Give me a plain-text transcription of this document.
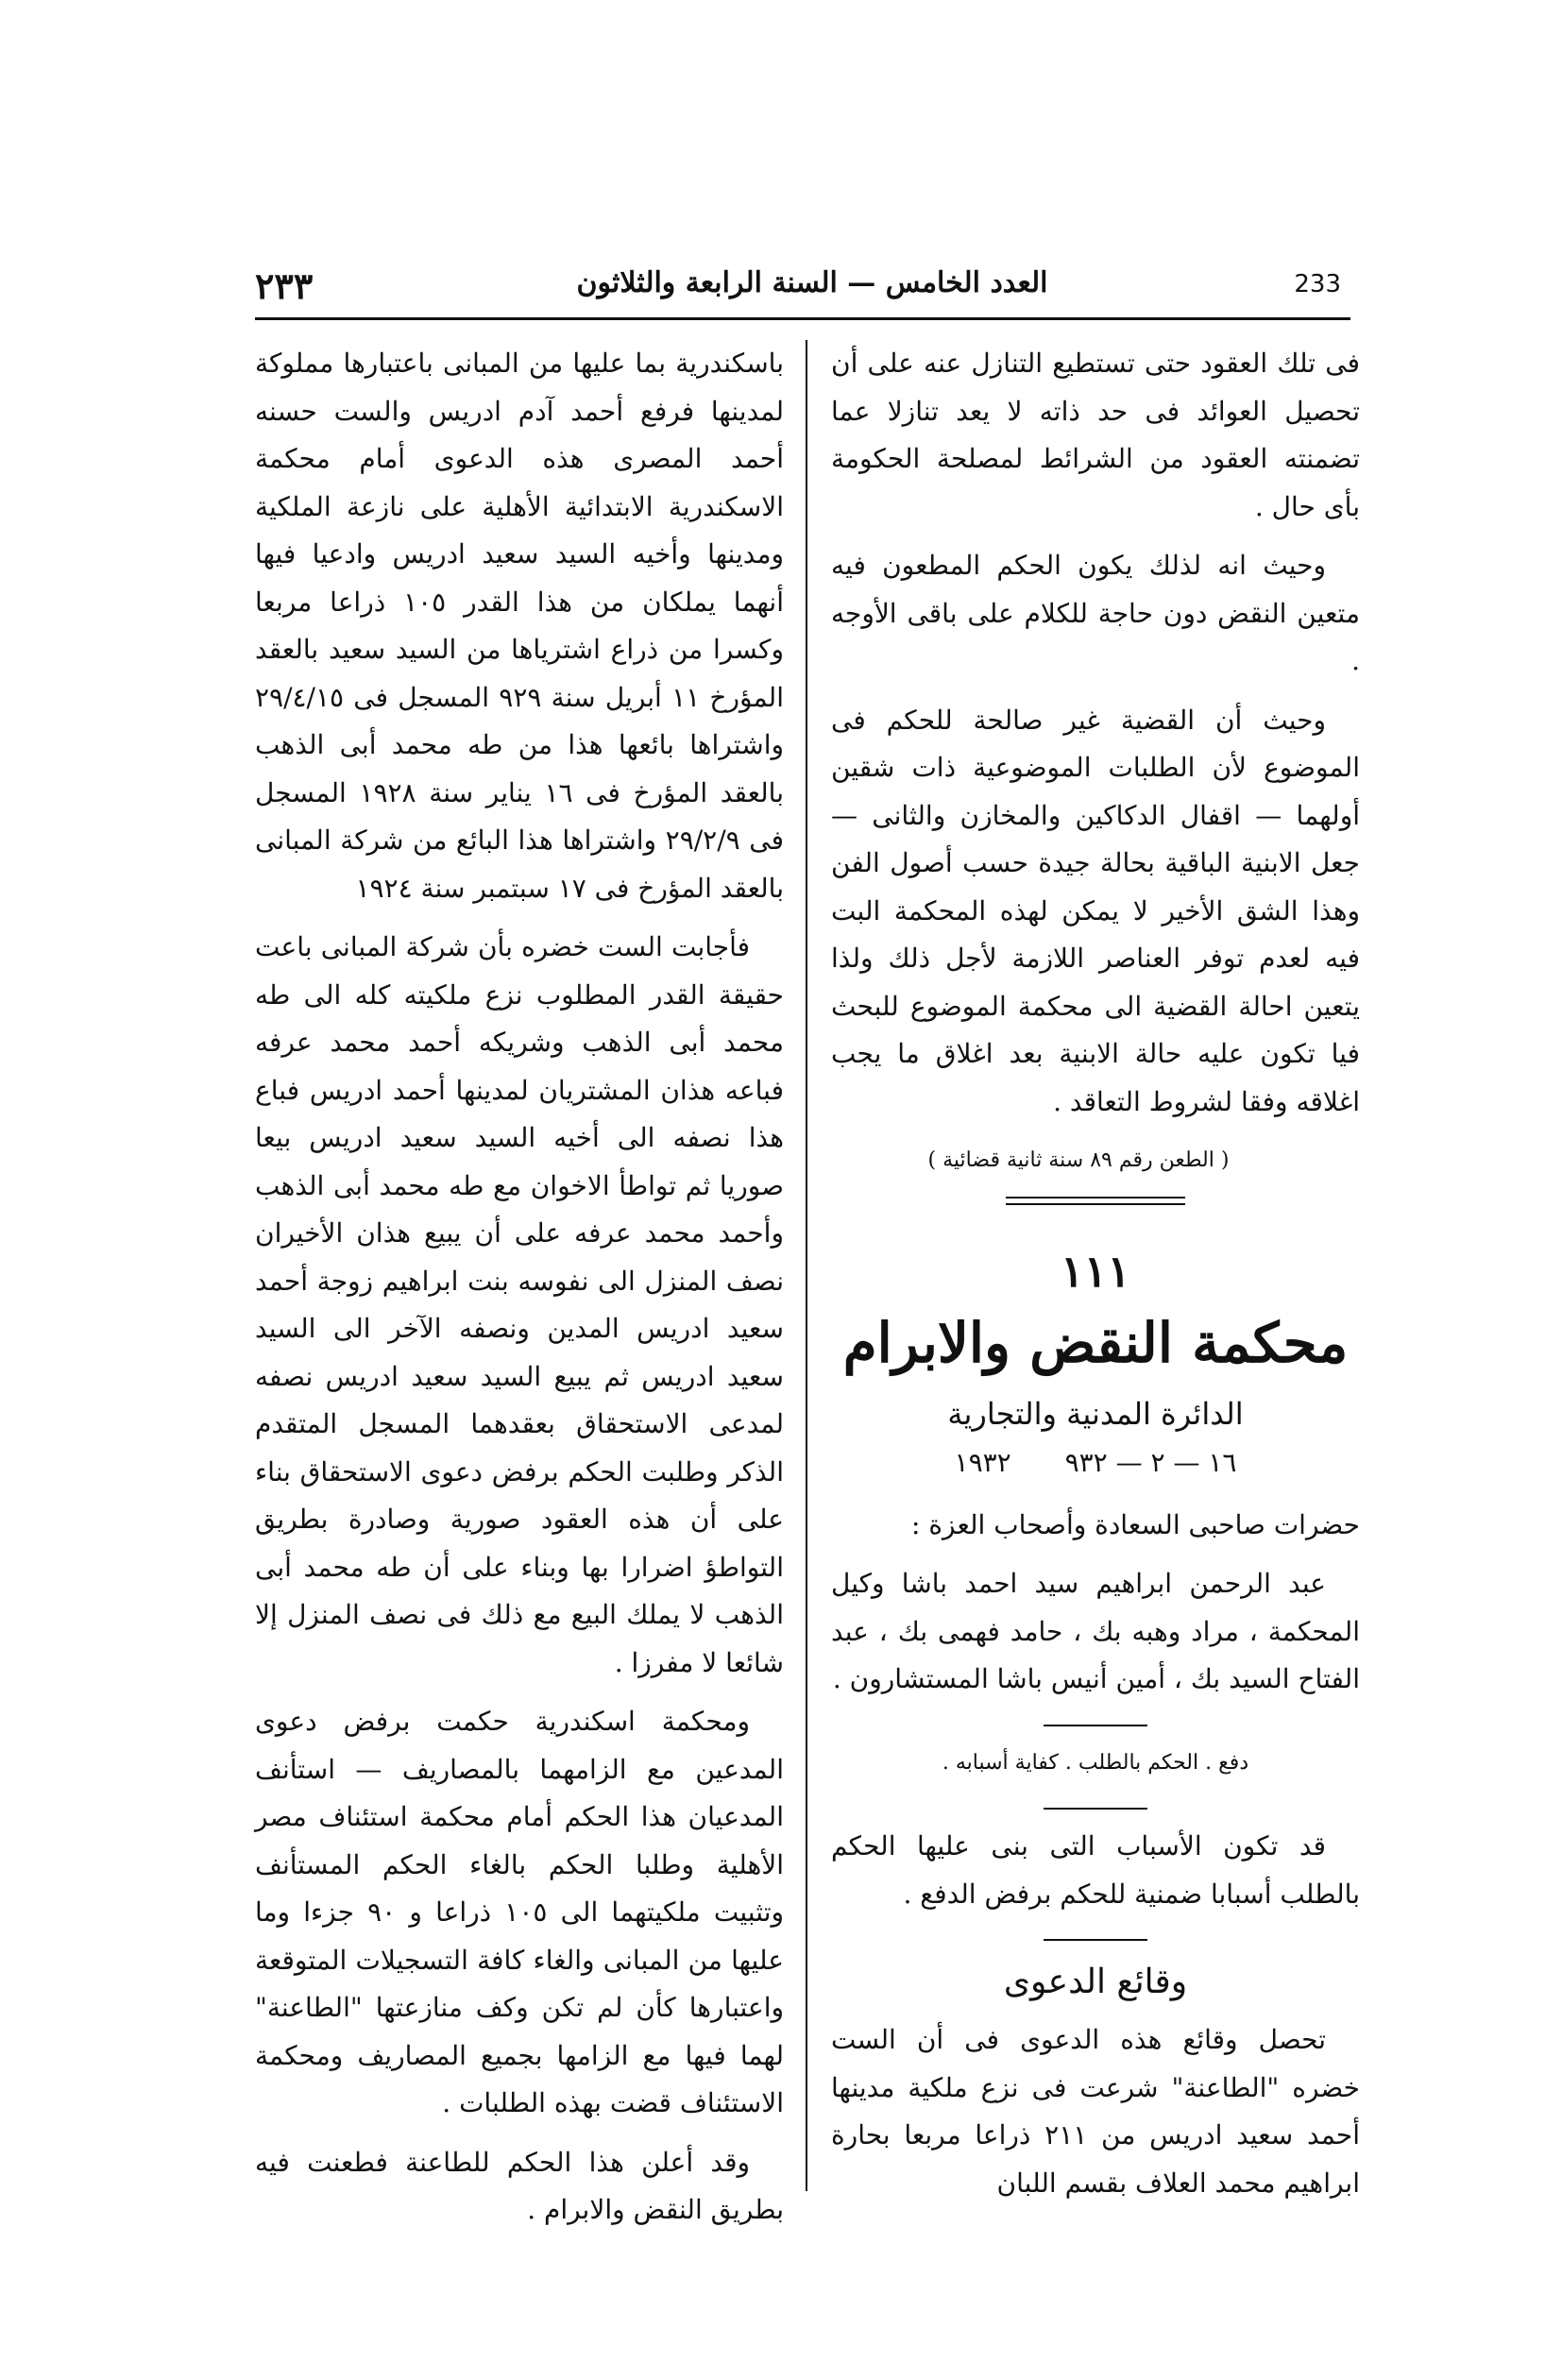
٢٣٣	العدد الخامس — السنة الرابعة والثلاثون	233

فى تلك العقود حتى تستطيع التنازل عنه على أن تحصيل العوائد فى حد ذاته لا يعد تنازلا عما تضمنته العقود من الشرائط لمصلحة الحكومة بأى حال .

وحيث انه لذلك يكون الحكم المطعون فيه متعين النقض دون حاجة للكلام على باقى الأوجه .

وحيث أن القضية غير صالحة للحكم فى الموضوع لأن الطلبات الموضوعية ذات شقين أولهما — اقفال الدكاكين والمخازن والثانى — جعل الابنية الباقية بحالة جيدة حسب أصول الفن وهذا الشق الأخير لا يمكن لهذه المحكمة البت فيه لعدم توفر العناصر اللازمة لأجل ذلك ولذا يتعين احالة القضية الى محكمة الموضوع للبحث فيا تكون عليه حالة الابنية بعد اغلاق ما يجب اغلاقه وفقا لشروط التعاقد .

( الطعن رقم ٨٩ سنة ثانية قضائية )

١١١
محكمة النقض والابرام
الدائرة المدنية والتجارية
١٦ — ٢ — ٩٣٢ ١٩٣٢

حضرات صاحبى السعادة وأصحاب العزة :

عبد الرحمن ابراهيم سيد احمد باشا وكيل المحكمة ، مراد وهبه بك ، حامد فهمى بك ، عبد الفتاح السيد بك ، أمين أنيس باشا المستشارون .

دفع . الحكم بالطلب . كفاية أسبابه .

قد تكون الأسباب التى بنى عليها الحكم بالطلب أسبابا ضمنية للحكم برفض الدفع .

وقائع الدعوى

تحصل وقائع هذه الدعوى فى أن الست خضره "الطاعنة" شرعت فى نزع ملكية مدينها أحمد سعيد ادريس من ٢١١ ذراعا مربعا بحارة ابراهيم محمد العلاف بقسم اللبان

باسكندرية بما عليها من المبانى باعتبارها مملوكة لمدينها فرفع أحمد آدم ادريس والست حسنه أحمد المصرى هذه الدعوى أمام محكمة الاسكندرية الابتدائية الأهلية على نازعة الملكية ومدينها وأخيه السيد سعيد ادريس وادعيا فيها أنهما يملكان من هذا القدر ١٠٥ ذراعا مربعا وكسرا من ذراع اشترياها من السيد سعيد بالعقد المؤرخ ١١ أبريل سنة ٩٢٩ المسجل فى ٢٩/٤/١٥ واشتراها بائعها هذا من طه محمد أبى الذهب بالعقد المؤرخ فى ١٦ يناير سنة ١٩٢٨ المسجل فى ٢٩/٢/٩ واشتراها هذا البائع من شركة المبانى بالعقد المؤرخ فى ١٧ سبتمبر سنة ١٩٢٤

فأجابت الست خضره بأن شركة المبانى باعت حقيقة القدر المطلوب نزع ملكيته كله الى طه محمد أبى الذهب وشريكه أحمد محمد عرفه فباعه هذان المشتريان لمدينها أحمد ادريس فباع هذا نصفه الى أخيه السيد سعيد ادريس بيعا صوريا ثم تواطأ الاخوان مع طه محمد أبى الذهب وأحمد محمد عرفه على أن يبيع هذان الأخيران نصف المنزل الى نفوسه بنت ابراهيم زوجة أحمد سعيد ادريس المدين ونصفه الآخر الى السيد سعيد ادريس ثم يبيع السيد سعيد ادريس نصفه لمدعى الاستحقاق بعقدهما المسجل المتقدم الذكر وطلبت الحكم برفض دعوى الاستحقاق بناء على أن هذه العقود صورية وصادرة بطريق التواطؤ اضرارا بها وبناء على أن طه محمد أبى الذهب لا يملك البيع مع ذلك فى نصف المنزل إلا شائعا لا مفرزا .

ومحكمة اسكندرية حكمت برفض دعوى المدعين مع الزامهما بالمصاريف — استأنف المدعيان هذا الحكم أمام محكمة استئناف مصر الأهلية وطلبا الحكم بالغاء الحكم المستأنف وتثبيت ملكيتهما الى ١٠٥ ذراعا و ٩٠ جزءا وما عليها من المبانى والغاء كافة التسجيلات المتوقعة واعتبارها كأن لم تكن وكف منازعتها "الطاعنة" لهما فيها مع الزامها بجميع المصاريف ومحكمة الاستئناف قضت بهذه الطلبات .

وقد أعلن هذا الحكم للطاعنة فطعنت فيه بطريق النقض والابرام .
